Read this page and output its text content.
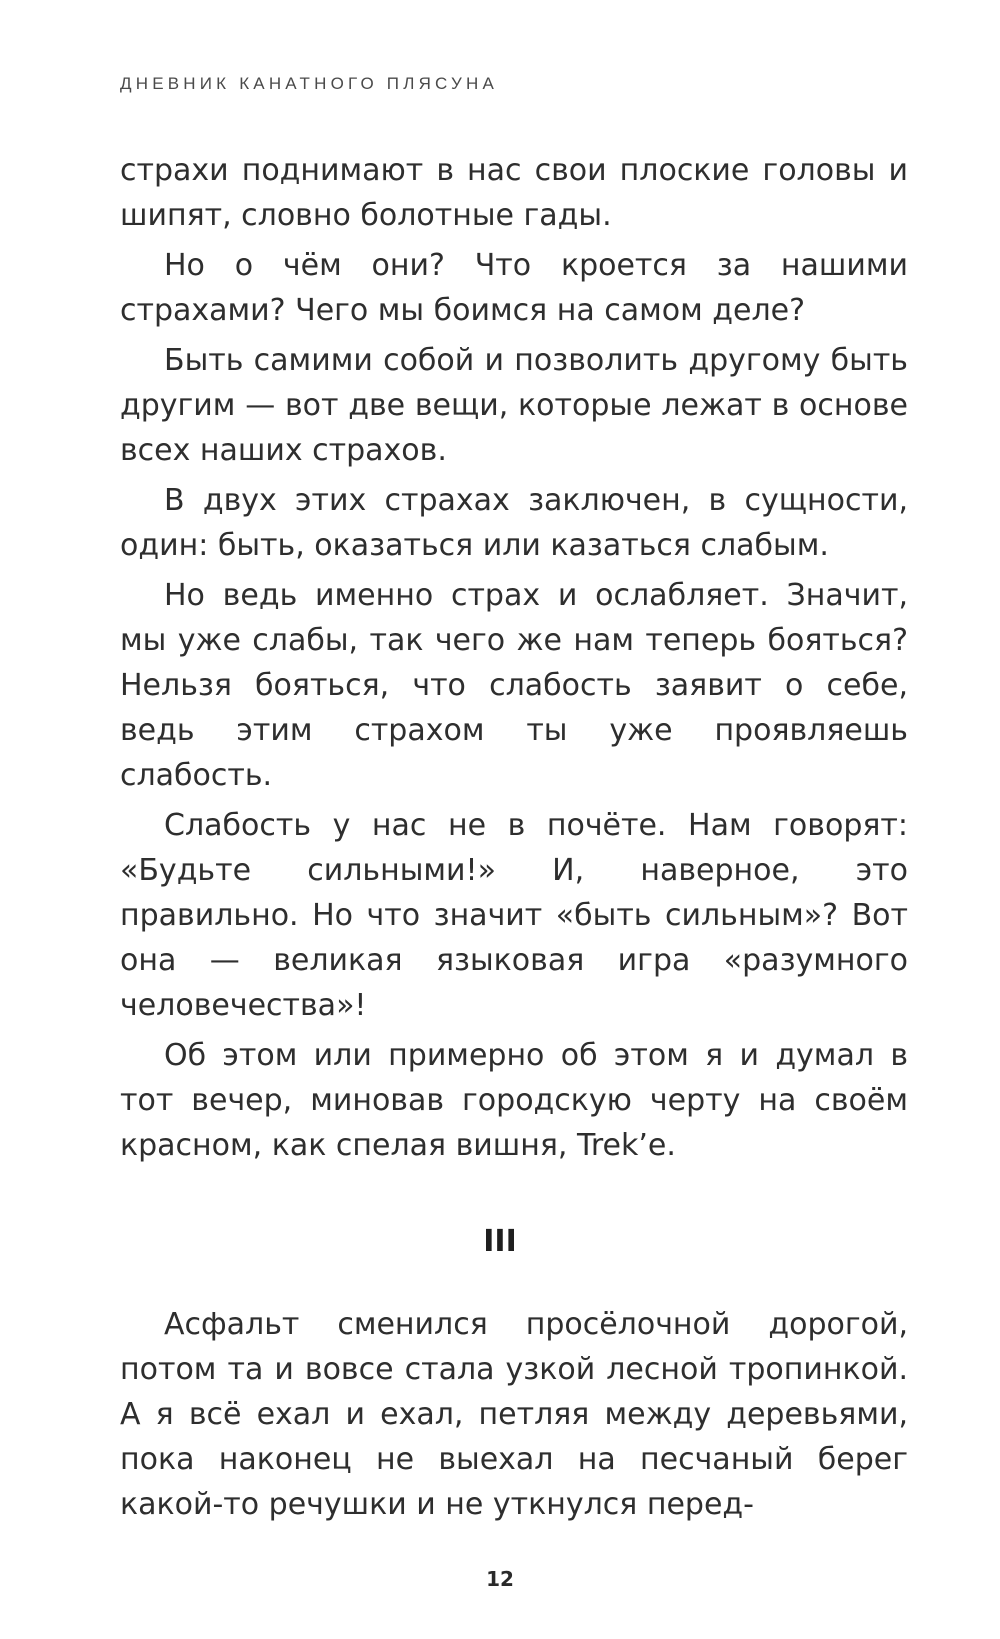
ДНЕВНИК КАНАТНОГО ПЛЯСУНА

страхи поднимают в нас свои плоские головы и шипят, словно болотные гады.

Но о чём они? Что кроется за нашими страхами? Чего мы боимся на самом деле?

Быть самими собой и позволить другому быть другим — вот две вещи, которые лежат в основе всех наших страхов.

В двух этих страхах заключен, в сущности, один: быть, оказаться или казаться слабым.

Но ведь именно страх и ослабляет. Значит, мы уже слабы, так чего же нам теперь бояться? Нельзя бояться, что слабость заявит о себе, ведь этим страхом ты уже проявляешь слабость.

Слабость у нас не в почёте. Нам говорят: «Будьте сильными!» И, наверное, это правильно. Но что значит «быть сильным»? Вот она — великая языковая игра «разумного человечества»!

Об этом или примерно об этом я и думал в тот вечер, миновав городскую черту на своём красном, как спелая вишня, Trek’e.

III

Асфальт сменился просёлочной дорогой, потом та и вовсе стала узкой лесной тропинкой. А я всё ехал и ехал, петляя между деревьями, пока наконец не выехал на песчаный берег какой-то речушки и не уткнулся перед-

12
